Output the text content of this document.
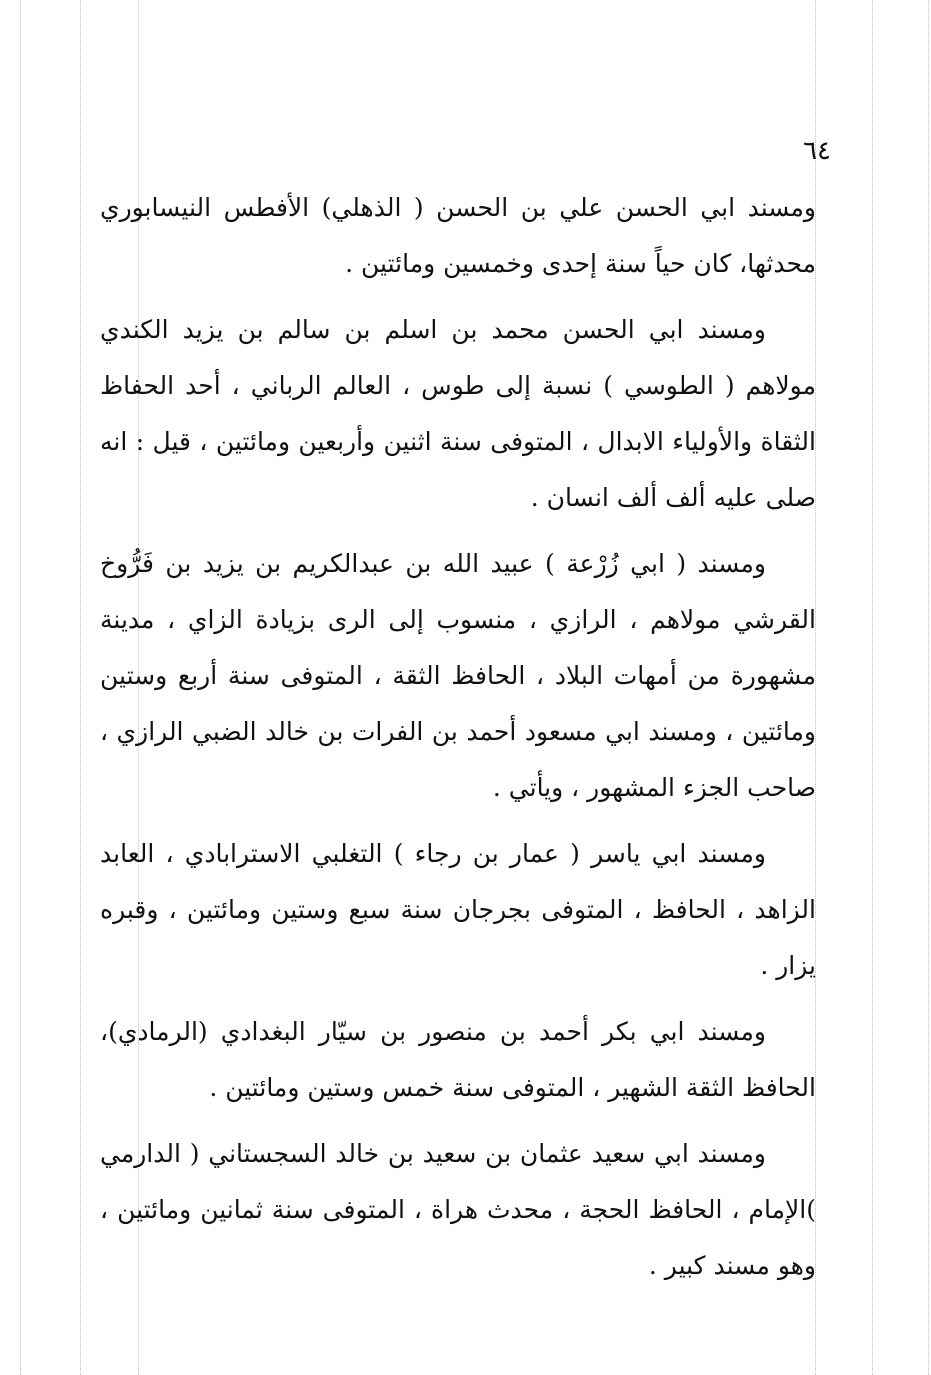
٦٤

ومسند ابي الحسن علي بن الحسن ( الذهلي) الأفطس النيسابوري محدثها، كان حياً سنة إحدى وخمسين ومائتين .

ومسند ابي الحسن محمد بن اسلم بن سالم بن يزيد الكندي مولاهم ( الطوسي ) نسبة إلى طوس ، العالم الرباني ، أحد الحفاظ الثقاة والأولياء الابدال ، المتوفى سنة اثنين وأربعين ومائتين ، قيل : انه صلى عليه ألف ألف انسان .

ومسند ( ابي زُرْعة ) عبيد الله بن عبدالكريم بن يزيد بن فَرُّوخ القرشي مولاهم ، الرازي ، منسوب إلى الرى بزيادة الزاي ، مدينة مشهورة من أمهات البلاد ، الحافظ الثقة ، المتوفى سنة أربع وستين ومائتين ، ومسند ابي مسعود أحمد بن الفرات بن خالد الضبي الرازي ، صاحب الجزء المشهور ، ويأتي .

ومسند ابي ياسر ( عمار بن رجاء ) التغلبي الاسترابادي ، العابد الزاهد ، الحافظ ، المتوفى بجرجان سنة سبع وستين ومائتين ، وقبره يزار .

ومسند ابي بكر أحمد بن منصور بن سيّار البغدادي (الرمادي)، الحافظ الثقة الشهير ، المتوفى سنة خمس وستين ومائتين .

ومسند ابي سعيد عثمان بن سعيد بن خالد السجستاني ( الدارمي )الإمام ، الحافظ الحجة ، محدث هراة ، المتوفى سنة ثمانين ومائتين ، وهو مسند كبير .
